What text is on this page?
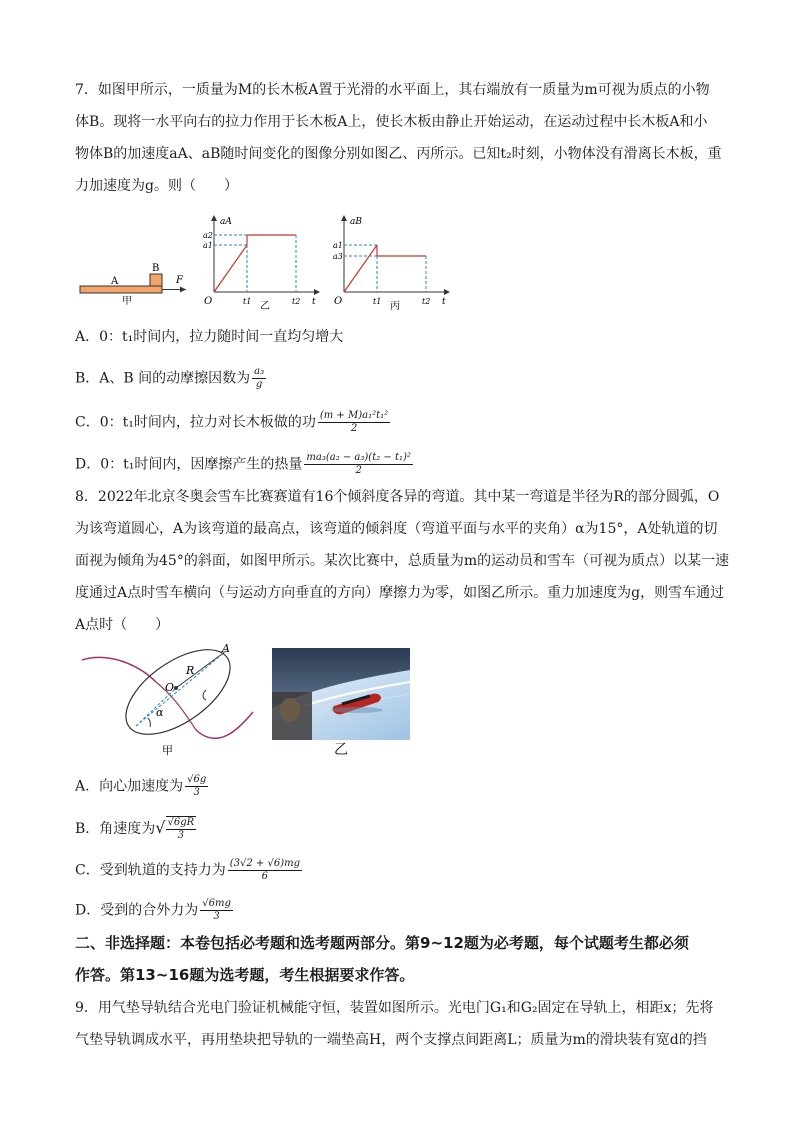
7．如图甲所示，一质量为M的长木板A置于光滑的水平面上，其右端放有一质量为m可视为质点的小物
体B。现将一水平向右的拉力作用于长木板A上，使长木板由静止开始运动，在运动过程中长木板A和小
物体B的加速度aA、aB随时间变化的图像分别如图乙、丙所示。已知t₂时刻，小物体没有滑离长木板，重
力加速度为g。则（　　）
A
B
F
甲
aA
a2
a1
O	t1	t2 t
乙
aB
a1
a3
O	t1	t2 t
丙
A．0：t₁时间内，拉力随时间一直均匀增大
B．A、B 间的动摩擦因数为 $\frac{\text{a₃}}{g}$
C．0：t₁时间内，拉力对长木板做的功 $\frac{\text{(m + M)a₁²t₁²}}{2}$
D．0：t₁时间内，因摩擦产生的热量 $\frac{\text{ma₃(a₂ − a₃)(t₂ − t₁)²}}{2}$
8．2022年北京冬奥会雪车比赛赛道有16个倾斜度各异的弯道。其中某一弯道是半径为R的部分圆弧，O
为该弯道圆心，A为该弯道的最高点，该弯道的倾斜度（弯道平面与水平的夹角）α为15°，A处轨道的切
面视为倾角为45°的斜面，如图甲所示。某次比赛中，总质量为m的运动员和雪车（可视为质点）以某一速
度通过A点时雪车横向（与运动方向垂直的方向）摩擦力为零，如图乙所示。重力加速度为g，则雪车通过
A点时（　　）
A
R
O
α
甲	乙
A．向心加速度为 $\frac{√6g}{3}$
B．角速度为√ $\frac{√6gR}{3}$
C．受到轨道的支持力为 $\frac{(3√2 + √6)mg}{6}$
D．受到的合外力为 $\frac{√6mg}{3}$
二、非选择题：本卷包括必考题和选考题两部分。第9~12题为必考题，每个试题考生都必须
作答。第13~16题为选考题，考生根据要求作答。
9．用气垫导轨结合光电门验证机械能守恒，装置如图所示。光电门G₁和G₂固定在导轨上，相距x；先将
气垫导轨调成水平，再用垫块把导轨的一端垫高H，两个支撑点间距离L；质量为m的滑块装有宽d的挡
